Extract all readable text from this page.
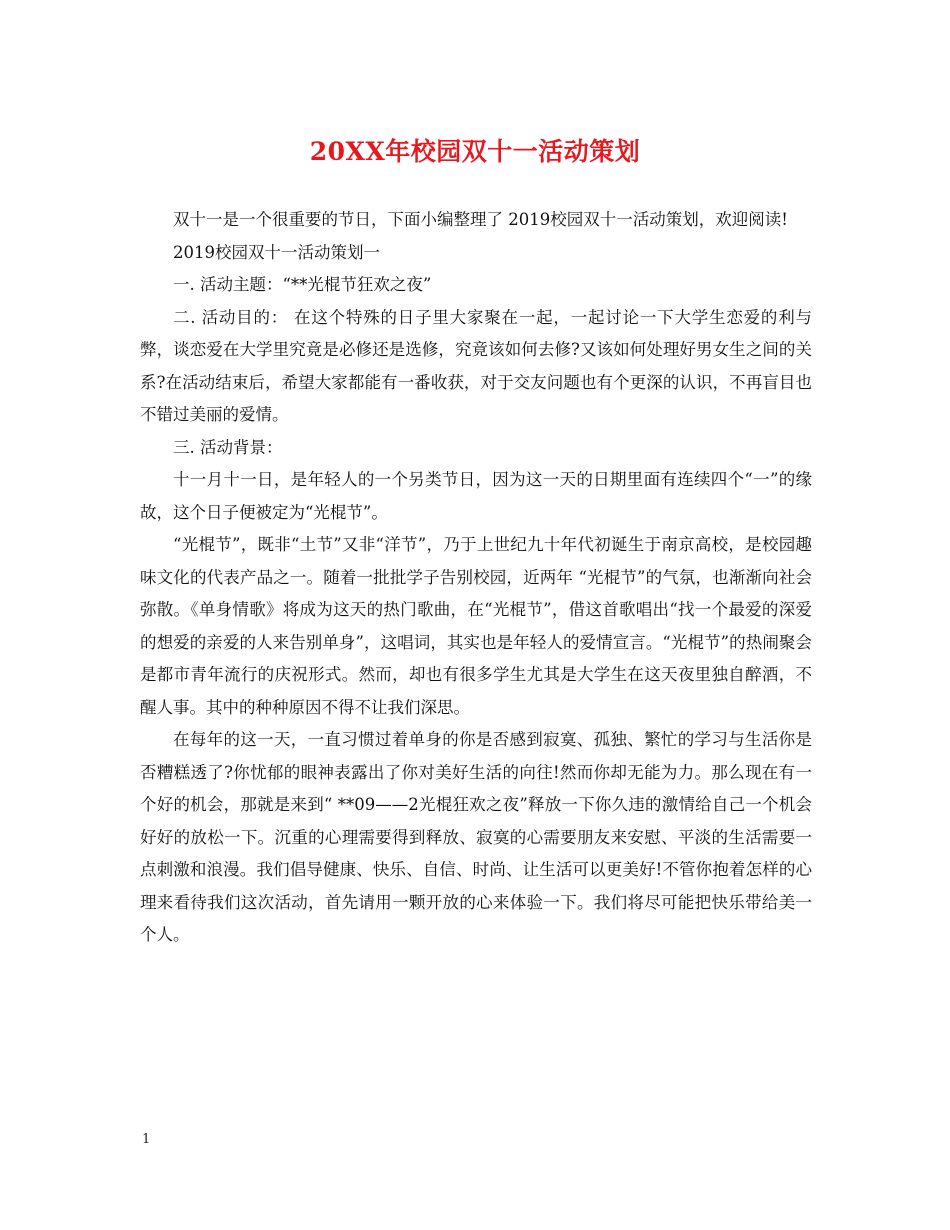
20XX年校园双十一活动策划

双十一是一个很重要的节日，下面小编整理了 2019校园双十一活动策划，欢迎阅读!

2019校园双十一活动策划一

一. 活动主题：“**光棍节狂欢之夜”

二. 活动目的： 在这个特殊的日子里大家聚在一起，一起讨论一下大学生恋爱的利与弊，谈恋爱在大学里究竟是必修还是选修，究竟该如何去修?又该如何处理好男女生之间的关系?在活动结束后，希望大家都能有一番收获，对于交友问题也有个更深的认识，不再盲目也不错过美丽的爱情。

三. 活动背景：

十一月十一日，是年轻人的一个另类节日，因为这一天的日期里面有连续四个“一”的缘故，这个日子便被定为“光棍节”。

“光棍节”，既非“土节”又非“洋节”，乃于上世纪九十年代初诞生于南京高校，是校园趣味文化的代表产品之一。随着一批批学子告别校园，近两年 “光棍节”的气氛，也渐渐向社会弥散。《单身情歌》将成为这天的热门歌曲，在“光棍节”，借这首歌唱出“找一个最爱的深爱的想爱的亲爱的人来告别单身”，这唱词，其实也是年轻人的爱情宣言。“光棍节”的热闹聚会是都市青年流行的庆祝形式。然而，却也有很多学生尤其是大学生在这天夜里独自醉酒，不醒人事。其中的种种原因不得不让我们深思。

在每年的这一天，一直习惯过着单身的你是否感到寂寞、孤独、繁忙的学习与生活你是否糟糕透了?你忧郁的眼神表露出了你对美好生活的向往!然而你却无能为力。那么现在有一个好的机会，那就是来到“ **09——2光棍狂欢之夜”释放一下你久违的激情给自己一个机会好好的放松一下。沉重的心理需要得到释放、寂寞的心需要朋友来安慰、平淡的生活需要一点刺激和浪漫。我们倡导健康、快乐、自信、时尚、让生活可以更美好!不管你抱着怎样的心理来看待我们这次活动，首先请用一颗开放的心来体验一下。我们将尽可能把快乐带给美一个人。

1
